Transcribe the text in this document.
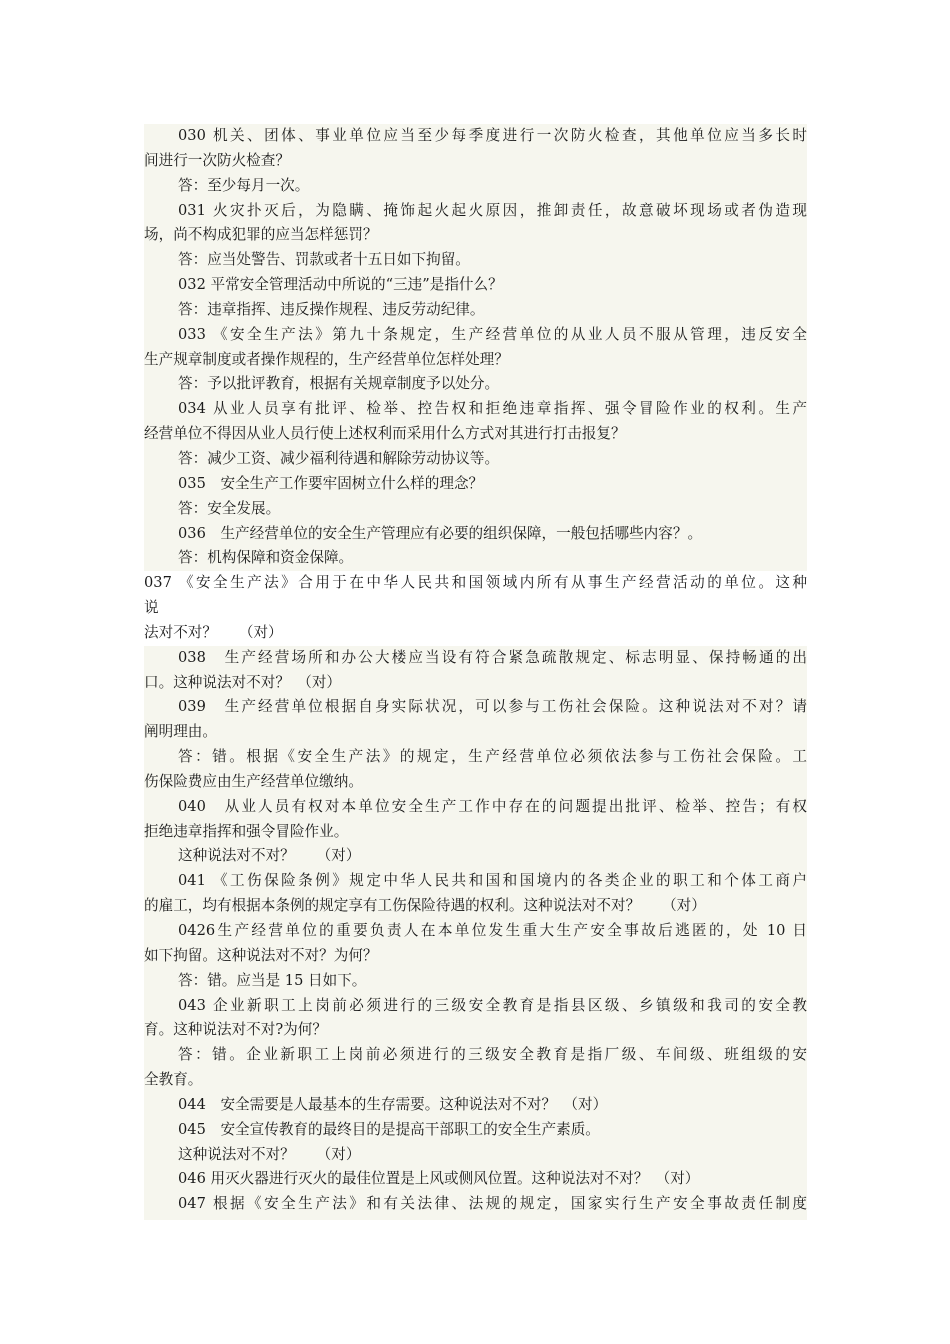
030 机关、团体、事业单位应当至少每季度进行一次防火检查，其他单位应当多长时
间进行一次防火检查？
答：至少每月一次。
031 火灾扑灭后，为隐瞒、掩饰起火起火原因，推卸责任，故意破坏现场或者伪造现
场，尚不构成犯罪的应当怎样惩罚？
答：应当处警告、罚款或者十五日如下拘留。
032 平常安全管理活动中所说的“三违”是指什么？
答：违章指挥、违反操作规程、违反劳动纪律。
033 《安全生产法》第九十条规定，生产经营单位的从业人员不服从管理，违反安全
生产规章制度或者操作规程的，生产经营单位怎样处理？
答：予以批评教育，根据有关规章制度予以处分。
034 从业人员享有批评、检举、控告权和拒绝违章指挥、强令冒险作业的权利。生产
经营单位不得因从业人员行使上述权利而采用什么方式对其进行打击报复？
答：减少工资、减少福利待遇和解除劳动协议等。
035　安全生产工作要牢固树立什么样的理念？
答：安全发展。
036　生产经营单位的安全生产管理应有必要的组织保障，一般包括哪些内容？。
答：机构保障和资金保障。
037 《安全生产法》合用于在中华人民共和国领域内所有从事生产经营活动的单位。这种
说
法对不对？　　（对）
038　生产经营场所和办公大楼应当设有符合紧急疏散规定、标志明显、保持畅通的出
口。这种说法对不对？　（对）
039　生产经营单位根据自身实际状况，可以参与工伤社会保险。这种说法对不对？请
阐明理由。
答：错。根据《安全生产法》的规定，生产经营单位必须依法参与工伤社会保险。工
伤保险费应由生产经营单位缴纳。
040　从业人员有权对本单位安全生产工作中存在的问题提出批评、检举、控告；有权
拒绝违章指挥和强令冒险作业。
这种说法对不对？　　（对）
041 《工伤保险条例》规定中华人民共和国和国境内的各类企业的职工和个体工商户
的雇工，均有根据本条例的规定享有工伤保险待遇的权利。这种说法对不对？　　（对）
0426生产经营单位的重要负责人在本单位发生重大生产安全事故后逃匿的，处 10 日
如下拘留。这种说法对不对？为何？
答：错。应当是 15 日如下。
043 企业新职工上岗前必须进行的三级安全教育是指县区级、乡镇级和我司的安全教
育。这种说法对不对?为何？
答：错。企业新职工上岗前必须进行的三级安全教育是指厂级、车间级、班组级的安
全教育。
044　安全需要是人最基本的生存需要。这种说法对不对？　（对）
045　安全宣传教育的最终目的是提高干部职工的安全生产素质。
这种说法对不对？　　（对）
046 用灭火器进行灭火的最佳位置是上风或侧风位置。这种说法对不对？　（对）
047 根据《安全生产法》和有关法律、法规的规定，国家实行生产安全事故责任制度
